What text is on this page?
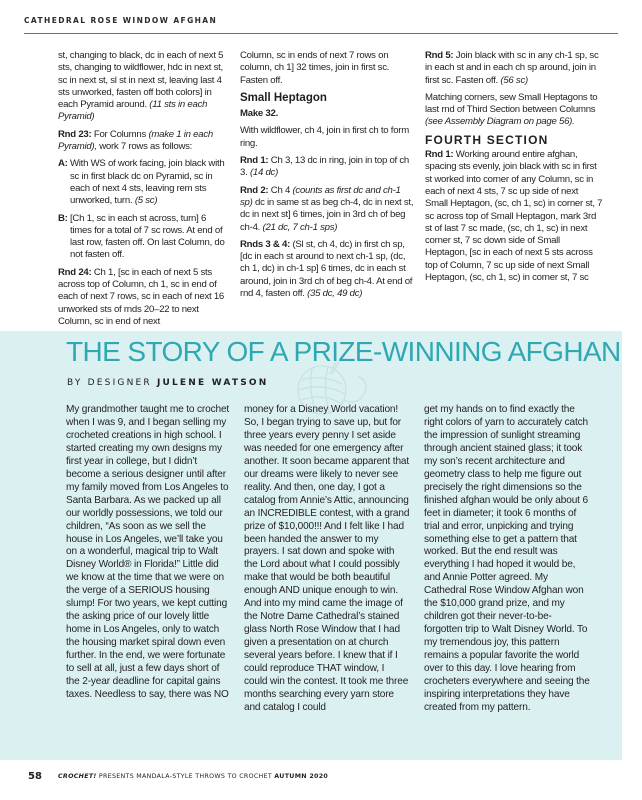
CATHEDRAL ROSE WINDOW AFGHAN

st, changing to black, dc in each of next 5 sts, changing to wildflower, hdc in next st, sc in next st, sl st in next st, leaving last 4 sts unworked, fasten off both colors] in each Pyramid around. (11 sts in each Pyramid)

Rnd 23: For Columns (make 1 in each Pyramid), work 7 rows as follows:

A: With WS of work facing, join black with sc in first black dc on Pyramid, sc in each of next 4 sts, leaving rem sts unworked, turn. (5 sc)
B: [Ch 1, sc in each st across, turn] 6 times for a total of 7 sc rows. At end of last row, fasten off. On last Column, do not fasten off.

Rnd 24: Ch 1, [sc in each of next 5 sts across top of Column, ch 1, sc in end of each of next 7 rows, sc in each of next 16 unworked sts of rnds 20–22 to next Column, sc in end of next

Column, sc in ends of next 7 rows on column, ch 1] 32 times, join in first sc. Fasten off.

Small Heptagon

Make 32.

With wildflower, ch 4, join in first ch to form ring.

Rnd 1: Ch 3, 13 dc in ring, join in top of ch 3. (14 dc)

Rnd 2: Ch 4 (counts as first dc and ch-1 sp) dc in same st as beg ch-4, dc in next st, dc in next st] 6 times, join in 3rd ch of beg ch-4. (21 dc, 7 ch-1 sps)

Rnds 3 & 4: (Sl st, ch 4, dc) in first ch sp, [dc in each st around to next ch-1 sp, (dc, ch 1, dc) in ch-1 sp] 6 times, dc in each st around, join in 3rd ch of beg ch-4. At end of rnd 4, fasten off. (35 dc, 49 dc)

Rnd 5: Join black with sc in any ch-1 sp, sc in each st and in each ch sp around, join in first sc. Fasten off. (56 sc)

Matching corners, sew Small Heptagons to last rnd of Third Section between Columns (see Assembly Diagram on page 56).

FOURTH SECTION

Rnd 1: Working around entire afghan, spacing sts evenly, join black with sc in first st worked into corner of any Column, sc in each of next 4 sts, 7 sc up side of next Small Heptagon, (sc, ch 1, sc) in corner st, 7 sc across top of Small Heptagon, mark 3rd st of last 7 sc made, (sc, ch 1, sc) in next corner st, 7 sc down side of Small Heptagon, [sc in each of next 5 sts across top of Column, 7 sc up side of next Small Heptagon, (sc, ch 1, sc) in corner st, 7 sc

THE STORY OF A PRIZE-WINNING AFGHAN
BY DESIGNER JULENE WATSON
My grandmother taught me to crochet when I was 9, and I began selling my crocheted creations in high school. I started creating my own designs my first year in college, but I didn’t become a serious designer until after my family moved from Los Angeles to Santa Barbara. As we packed up all our worldly possessions, we told our children, “As soon as we sell the house in Los Angeles, we’ll take you on a wonderful, magical trip to Walt Disney World® in Florida!” Little did we know at the time that we were on the verge of a SERIOUS housing slump! For two years, we kept cutting the asking price of our lovely little home in Los Angeles, only to watch the housing market spiral down even further. In the end, we were fortunate to sell at all, just a few days short of the 2-year deadline for capital gains taxes. Needless to say, there was NO
money for a Disney World vacation! So, I began trying to save up, but for three years every penny I set aside was needed for one emergency after another. It soon became apparent that our dreams were likely to never see reality. And then, one day, I got a catalog from Annie’s Attic, announcing an INCREDIBLE contest, with a grand prize of $10,000!!! And I felt like I had been handed the answer to my prayers. I sat down and spoke with the Lord about what I could possibly make that would be both beautiful enough AND unique enough to win. And into my mind came the image of the Notre Dame Cathedral’s stained glass North Rose Window that I had given a presentation on at church several years before. I knew that if I could reproduce THAT window, I could win the contest. It took me three months searching every yarn store and catalog I could
get my hands on to find exactly the right colors of yarn to accurately catch the impression of sunlight streaming through ancient stained glass; it took my son’s recent architecture and geometry class to help me figure out precisely the right dimensions so the finished afghan would be only about 6 feet in diameter; it took 6 months of trial and error, unpicking and trying something else to get a pattern that worked. But the end result was everything I had hoped it would be, and Annie Potter agreed. My Cathedral Rose Window Afghan won the $10,000 grand prize, and my children got their never-to-be-forgotten trip to Walt Disney World. To my tremendous joy, this pattern remains a popular favorite the world over to this day. I love hearing from crocheters everywhere and seeing the inspiring interpretations they have created from my pattern.
58	CROCHET! PRESENTS MANDALA-STYLE THROWS TO CROCHET AUTUMN 2020
